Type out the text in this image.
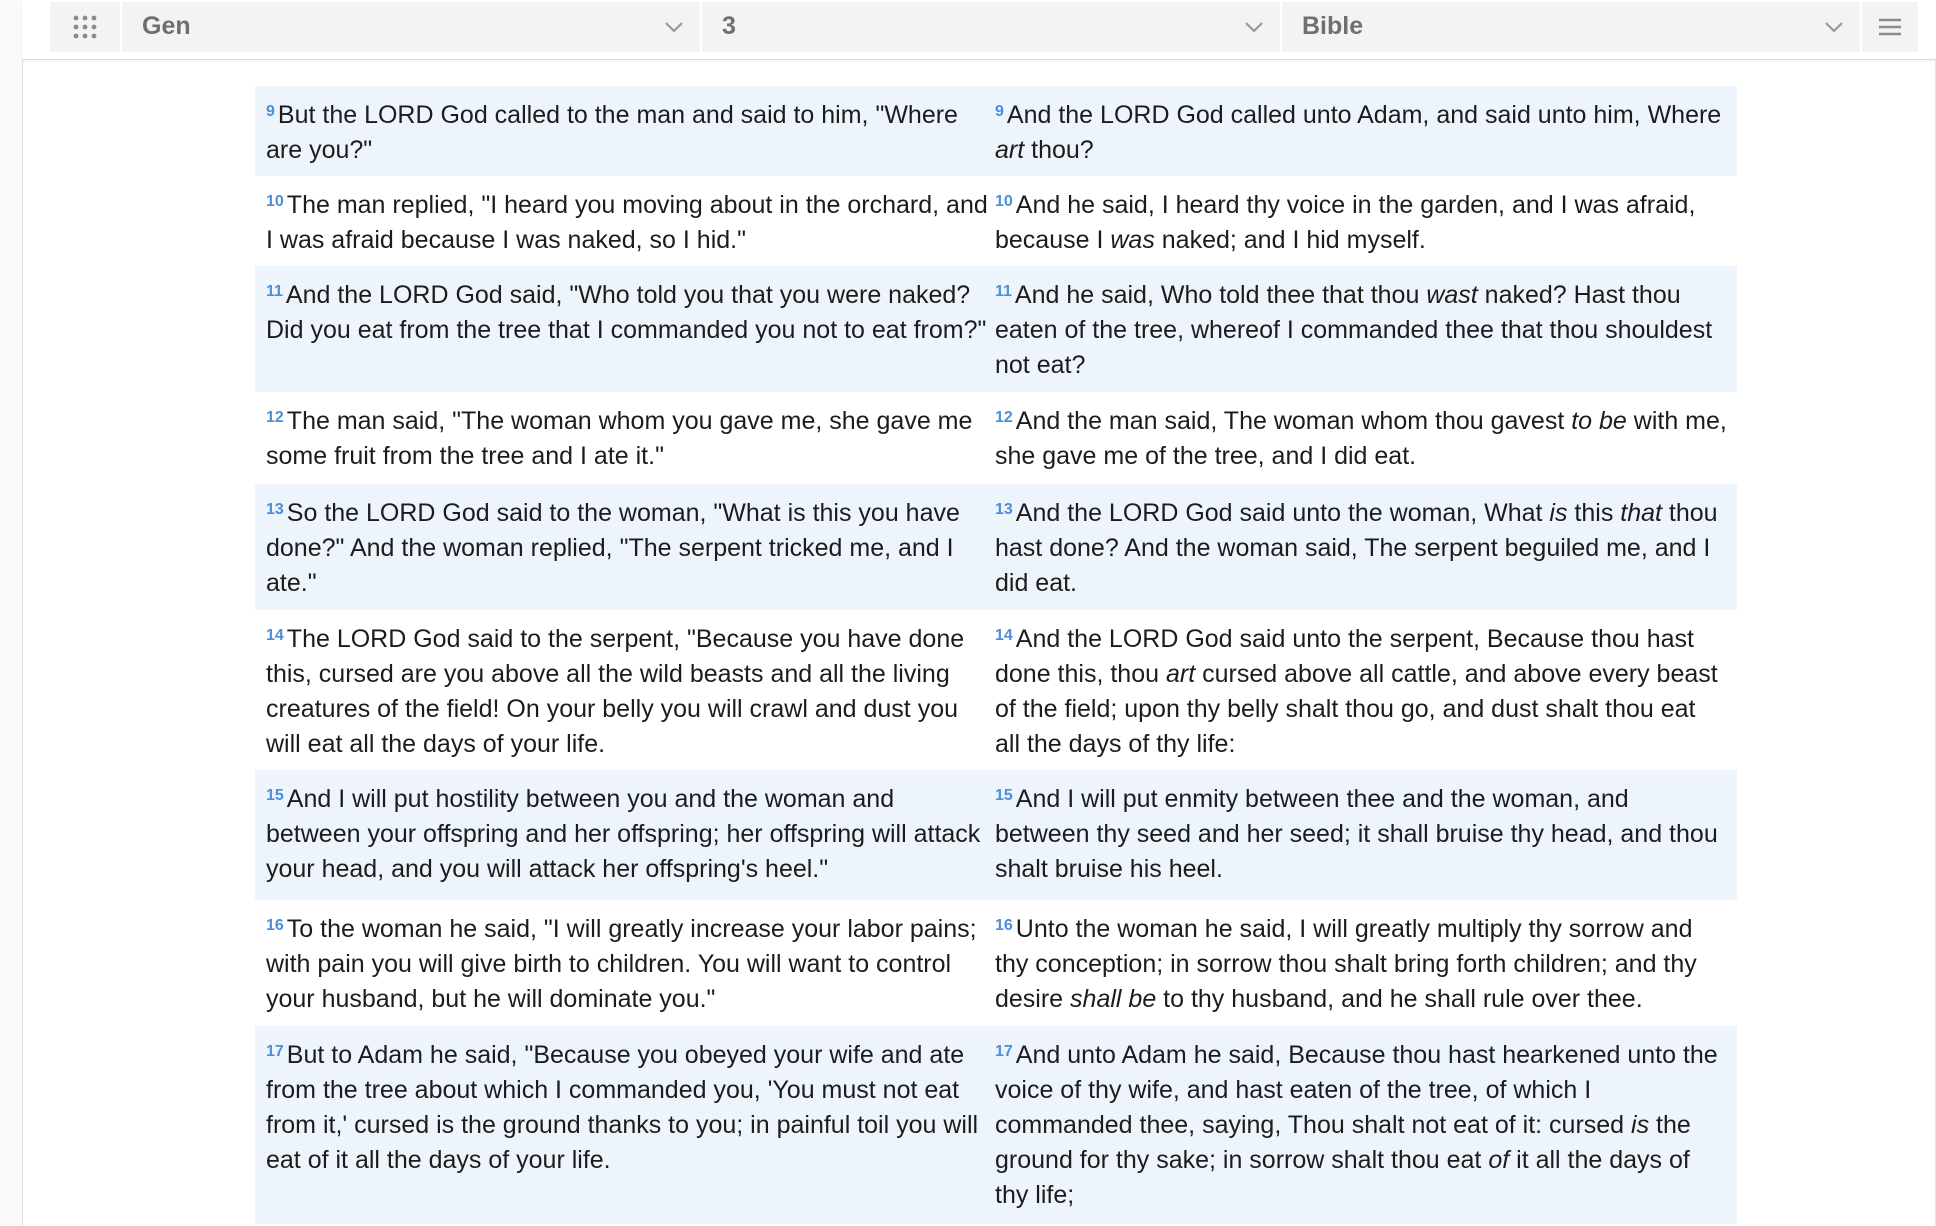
$^9$ But the LORD God called to the man and said to him, "Where are you?"
$^9$ And the LORD God called unto Adam, and said unto him, Where art thou?
$^{10}$ The man replied, "I heard you moving about in the orchard, and I was afraid because I was naked, so I hid."
$^{10}$ And he said, I heard thy voice in the garden, and I was afraid, because I was naked; and I hid myself.
$^{11}$ And the LORD God said, "Who told you that you were naked? Did you eat from the tree that I commanded you not to eat from?"
$^{11}$ And he said, Who told thee that thou wast naked? Hast thou eaten of the tree, whereof I commanded thee that thou shouldest not eat?
$^{12}$ The man said, "The woman whom you gave me, she gave me some fruit from the tree and I ate it."
$^{12}$ And the man said, The woman whom thou gavest to be with me, she gave me of the tree, and I did eat.
$^{13}$ So the LORD God said to the woman, "What is this you have done?" And the woman replied, "The serpent tricked me, and I ate."
$^{13}$ And the LORD God said unto the woman, What is this that thou hast done? And the woman said, The serpent beguiled me, and I did eat.
$^{14}$ The LORD God said to the serpent, "Because you have done this, cursed are you above all the wild beasts and all the living creatures of the field! On your belly you will crawl and dust you will eat all the days of your life.
$^{14}$ And the LORD God said unto the serpent, Because thou hast done this, thou art cursed above all cattle, and above every beast of the field; upon thy belly shalt thou go, and dust shalt thou eat all the days of thy life:
$^{15}$ And I will put hostility between you and the woman and between your offspring and her offspring; her offspring will attack your head, and you will attack her offspring's heel."
$^{15}$ And I will put enmity between thee and the woman, and between thy seed and her seed; it shall bruise thy head, and thou shalt bruise his heel.
$^{16}$ To the woman he said, "I will greatly increase your labor pains; with pain you will give birth to children. You will want to control your husband, but he will dominate you."
$^{16}$ Unto the woman he said, I will greatly multiply thy sorrow and thy conception; in sorrow thou shalt bring forth children; and thy desire shall be to thy husband, and he shall rule over thee.
$^{17}$ But to Adam he said, "Because you obeyed your wife and ate from the tree about which I commanded you, 'You must not eat from it,' cursed is the ground thanks to you; in painful toil you will eat of it all the days of your life.
$^{17}$ And unto Adam he said, Because thou hast hearkened unto the voice of thy wife, and hast eaten of the tree, of which I commanded thee, saying, Thou shalt not eat of it: cursed is the ground for thy sake; in sorrow shalt thou eat of it all the days of thy life;
Gen	3	Bible
